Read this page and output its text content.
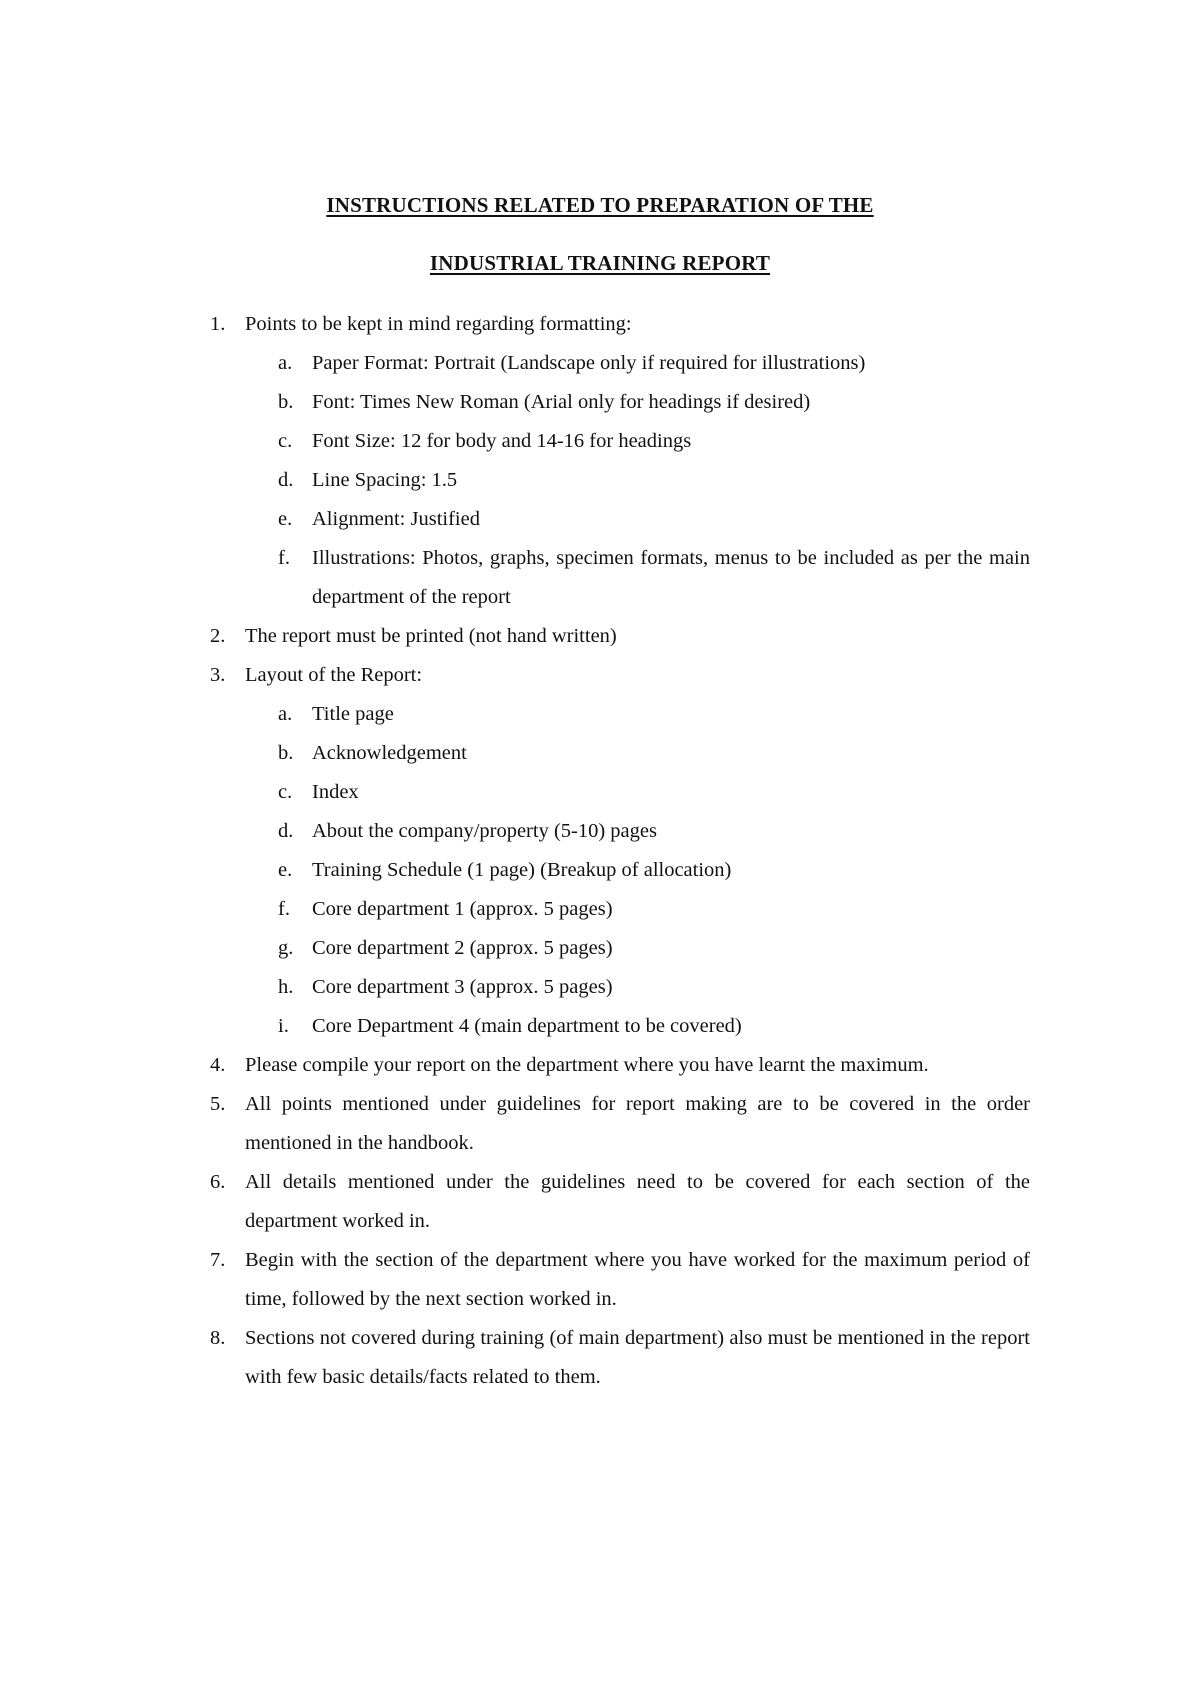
INSTRUCTIONS RELATED TO PREPARATION OF THE
INDUSTRIAL TRAINING REPORT
1. Points to be kept in mind regarding formatting:
a. Paper Format: Portrait (Landscape only if required for illustrations)
b. Font: Times New Roman (Arial only for headings if desired)
c. Font Size: 12 for body and 14-16 for headings
d. Line Spacing: 1.5
e. Alignment: Justified
f. Illustrations: Photos, graphs, specimen formats, menus to be included as per the main department of the report
2. The report must be printed (not hand written)
3. Layout of the Report:
a. Title page
b. Acknowledgement
c. Index
d. About the company/property (5-10) pages
e. Training Schedule (1 page) (Breakup of allocation)
f. Core department 1 (approx. 5 pages)
g. Core department 2 (approx. 5 pages)
h. Core department 3 (approx. 5 pages)
i. Core Department 4 (main department to be covered)
4. Please compile your report on the department where you have learnt the maximum.
5. All points mentioned under guidelines for report making are to be covered in the order mentioned in the handbook.
6. All details mentioned under the guidelines need to be covered for each section of the department worked in.
7. Begin with the section of the department where you have worked for the maximum period of time, followed by the next section worked in.
8. Sections not covered during training (of main department) also must be mentioned in the report with few basic details/facts related to them.
